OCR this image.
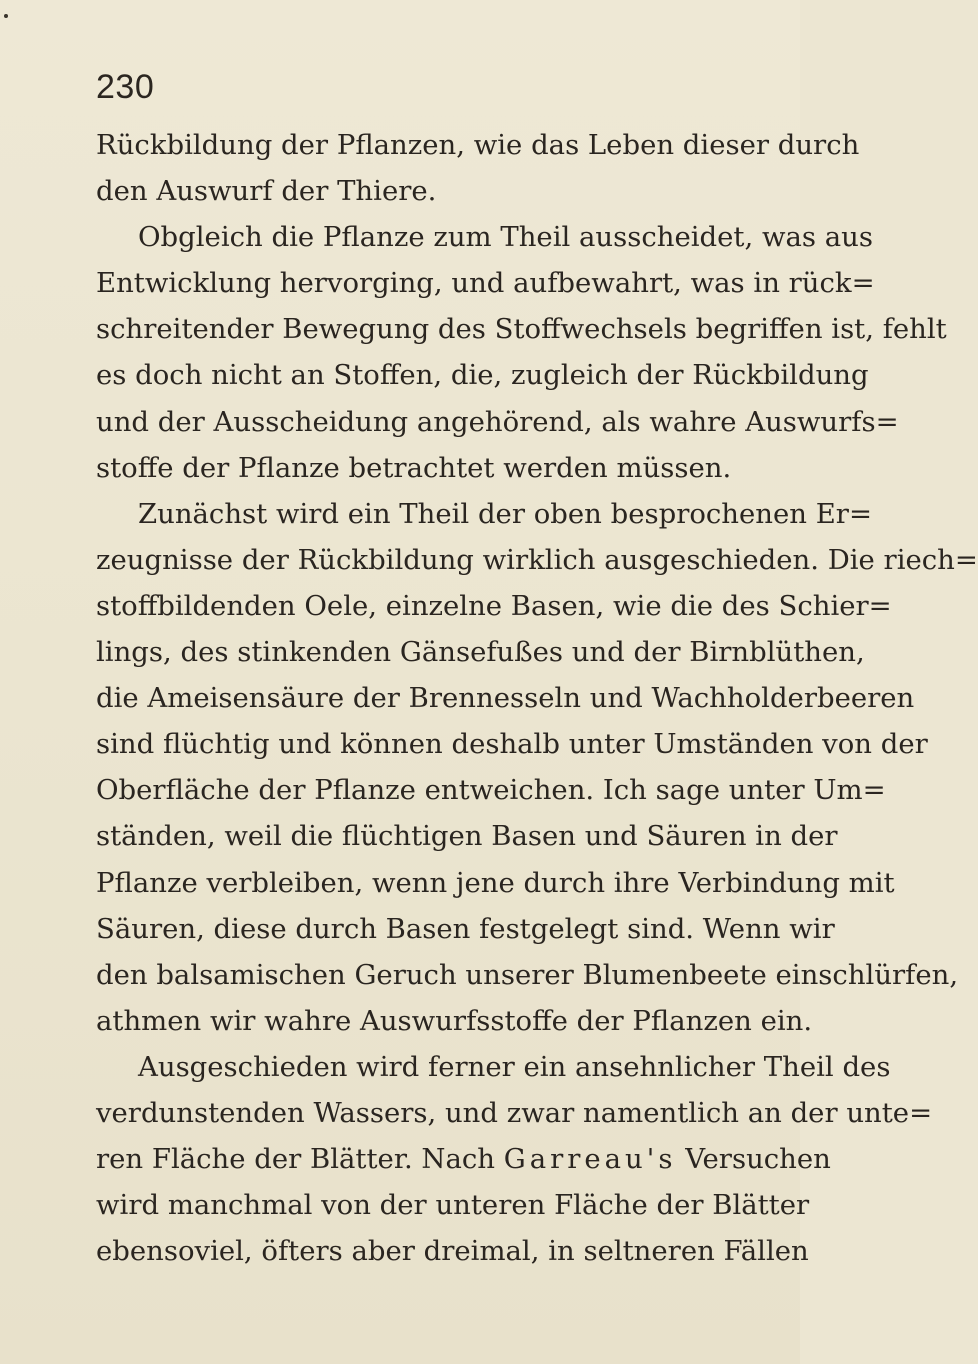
230
Rückbildung der Pflanzen, wie das Leben dieser durch
den Auswurf der Thiere.
Obgleich die Pflanze zum Theil ausscheidet, was aus
Entwicklung hervorging, und aufbewahrt, was in rück=
schreitender Bewegung des Stoffwechsels begriffen ist, fehlt
es doch nicht an Stoffen, die, zugleich der Rückbildung
und der Ausscheidung angehörend, als wahre Auswurfs=
stoffe der Pflanze betrachtet werden müssen.
Zunächst wird ein Theil der oben besprochenen Er=
zeugnisse der Rückbildung wirklich ausgeschieden. Die riech=
stoffbildenden Oele, einzelne Basen, wie die des Schier=
lings, des stinkenden Gänsefußes und der Birnblüthen,
die Ameisensäure der Brennesseln und Wachholderbeeren
sind flüchtig und können deshalb unter Umständen von der
Oberfläche der Pflanze entweichen. Ich sage unter Um=
ständen, weil die flüchtigen Basen und Säuren in der
Pflanze verbleiben, wenn jene durch ihre Verbindung mit
Säuren, diese durch Basen festgelegt sind. Wenn wir
den balsamischen Geruch unserer Blumenbeete einschlürfen,
athmen wir wahre Auswurfsstoffe der Pflanzen ein.
Ausgeschieden wird ferner ein ansehnlicher Theil des
verdunstenden Wassers, und zwar namentlich an der unte=
ren Fläche der Blätter. Nach Garreau's Versuchen
wird manchmal von der unteren Fläche der Blätter
ebensoviel, öfters aber dreimal, in seltneren Fällen
